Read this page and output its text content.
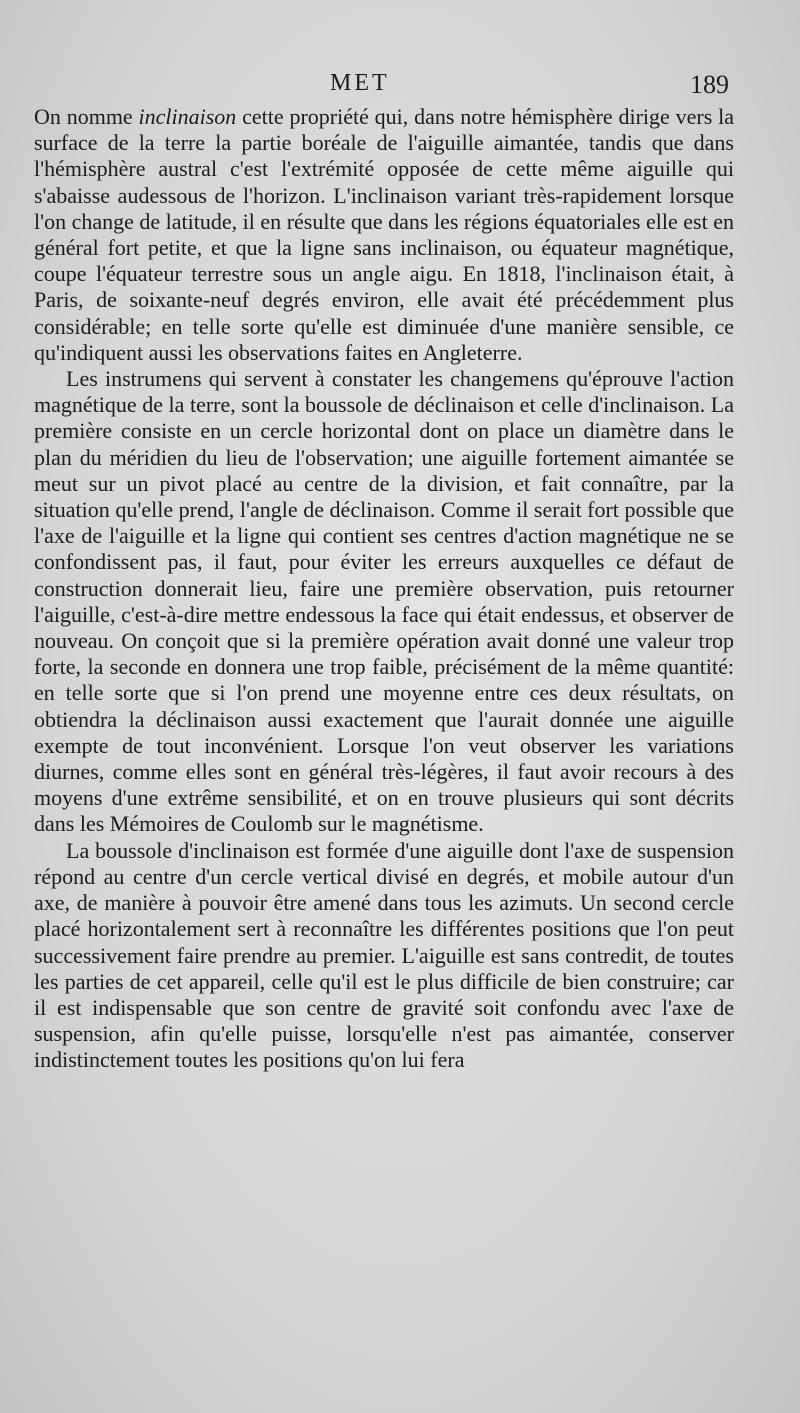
MET	189

On nomme inclinaison cette propriété qui, dans notre hémisphère dirige vers la surface de la terre la partie boréale de l'aiguille aimantée, tandis que dans l'hémisphère austral c'est l'extrémité opposée de cette même aiguille qui s'abaisse audessous de l'horizon. L'inclinaison variant très-rapidement lorsque l'on change de latitude, il en résulte que dans les régions équatoriales elle est en général fort petite, et que la ligne sans inclinaison, ou équateur magnétique, coupe l'équateur terrestre sous un angle aigu. En 1818, l'inclinaison était, à Paris, de soixante-neuf degrés environ, elle avait été précédemment plus considérable; en telle sorte qu'elle est diminuée d'une manière sensible, ce qu'indiquent aussi les observations faites en Angleterre.

Les instrumens qui servent à constater les changemens qu'éprouve l'action magnétique de la terre, sont la boussole de déclinaison et celle d'inclinaison. La première consiste en un cercle horizontal dont on place un diamètre dans le plan du méridien du lieu de l'observation; une aiguille fortement aimantée se meut sur un pivot placé au centre de la division, et fait connaître, par la situation qu'elle prend, l'angle de déclinaison. Comme il serait fort possible que l'axe de l'aiguille et la ligne qui contient ses centres d'action magnétique ne se confondissent pas, il faut, pour éviter les erreurs auxquelles ce défaut de construction donnerait lieu, faire une première observation, puis retourner l'aiguille, c'est-à-dire mettre endessous la face qui était endessus, et observer de nouveau. On conçoit que si la première opération avait donné une valeur trop forte, la seconde en donnera une trop faible, précisément de la même quantité: en telle sorte que si l'on prend une moyenne entre ces deux résultats, on obtiendra la déclinaison aussi exactement que l'aurait donnée une aiguille exempte de tout inconvénient. Lorsque l'on veut observer les variations diurnes, comme elles sont en général très-légères, il faut avoir recours à des moyens d'une extrême sensibilité, et on en trouve plusieurs qui sont décrits dans les Mémoires de Coulomb sur le magnétisme.

La boussole d'inclinaison est formée d'une aiguille dont l'axe de suspension répond au centre d'un cercle vertical divisé en degrés, et mobile autour d'un axe, de manière à pouvoir être amené dans tous les azimuts. Un second cercle placé horizontalement sert à reconnaître les différentes positions que l'on peut successivement faire prendre au premier. L'aiguille est sans contredit, de toutes les parties de cet appareil, celle qu'il est le plus difficile de bien construire; car il est indispensable que son centre de gravité soit confondu avec l'axe de suspension, afin qu'elle puisse, lorsqu'elle n'est pas aimantée, conserver indistinctement toutes les positions qu'on lui fera
